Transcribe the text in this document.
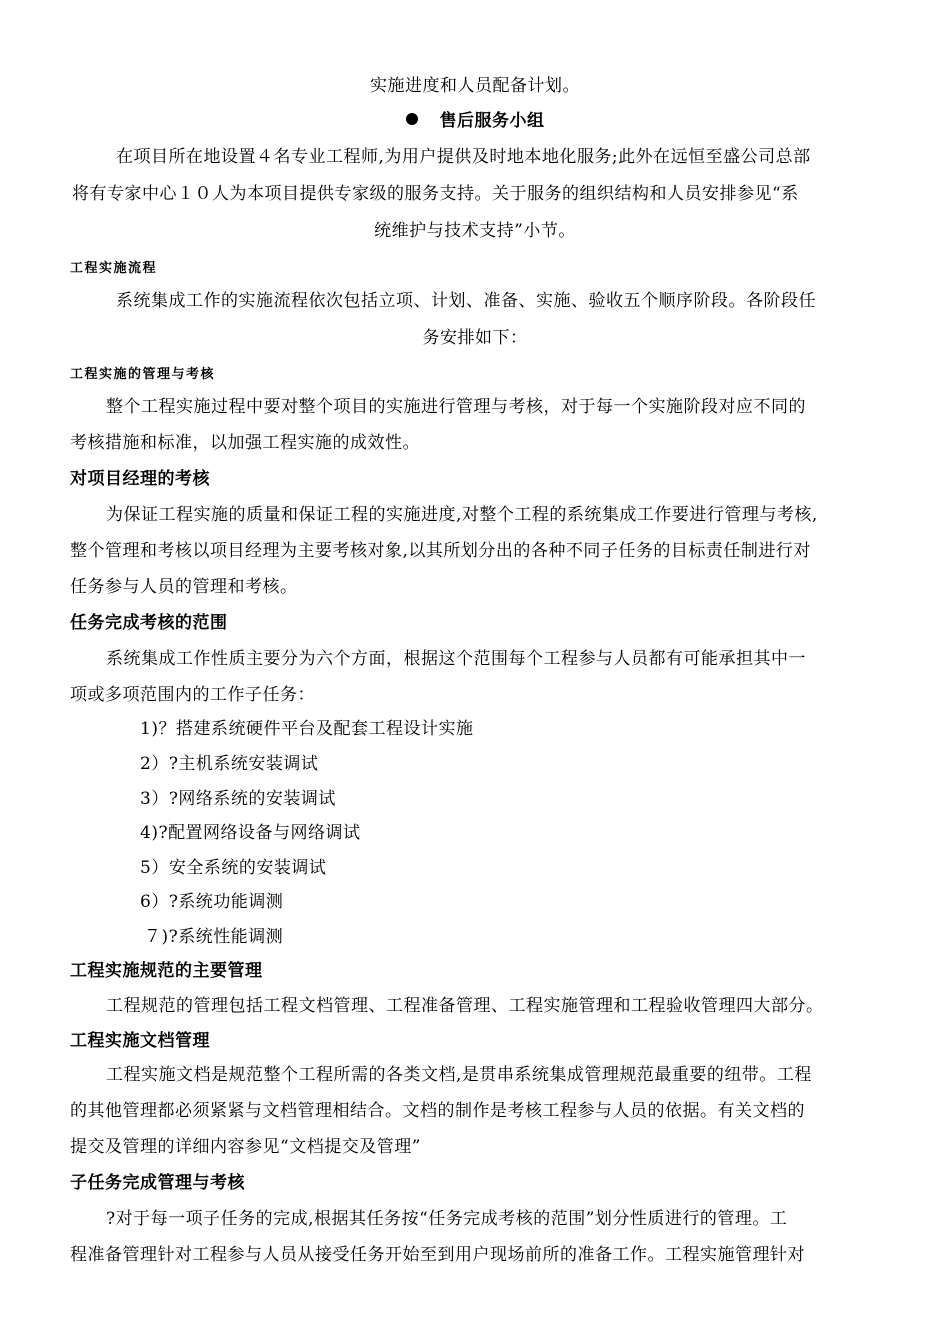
实施进度和人员配备计划。
售后服务小组
在项目所在地设置４名专业工程师,为用户提供及时地本地化服务;此外在远恒至盛公司总部
将有专家中心１０人为本项目提供专家级的服务支持。关于服务的组织结构和人员安排参见“系
统维护与技术支持”小节。
工程实施流程
系统集成工作的实施流程依次包括立项、计划、准备、实施、验收五个顺序阶段。各阶段任
务安排如下：
工程实施的管理与考核
整个工程实施过程中要对整个项目的实施进行管理与考核，对于每一个实施阶段对应不同的
考核措施和标准，以加强工程实施的成效性。
对项目经理的考核
为保证工程实施的质量和保证工程的实施进度,对整个工程的系统集成工作要进行管理与考核,
整个管理和考核以项目经理为主要考核对象,以其所划分出的各种不同子任务的目标责任制进行对
任务参与人员的管理和考核。
任务完成考核的范围
系统集成工作性质主要分为六个方面，根据这个范围每个工程参与人员都有可能承担其中一
项或多项范围内的工作子任务：
1)？搭建系统硬件平台及配套工程设计实施
2）?主机系统安装调试
3）?网络系统的安装调试
4)?配置网络设备与网络调试
5）安全系统的安装调试
6）?系统功能调测
７)?系统性能调测
工程实施规范的主要管理
工程规范的管理包括工程文档管理、工程准备管理、工程实施管理和工程验收管理四大部分。
工程实施文档管理
工程实施文档是规范整个工程所需的各类文档,是贯串系统集成管理规范最重要的纽带。工程
的其他管理都必须紧紧与文档管理相结合。文档的制作是考核工程参与人员的依据。有关文档的
提交及管理的详细内容参见“文档提交及管理”
子任务完成管理与考核
?对于每一项子任务的完成,根据其任务按“任务完成考核的范围”划分性质进行的管理。工
程准备管理针对工程参与人员从接受任务开始至到用户现场前所的准备工作。工程实施管理针对
